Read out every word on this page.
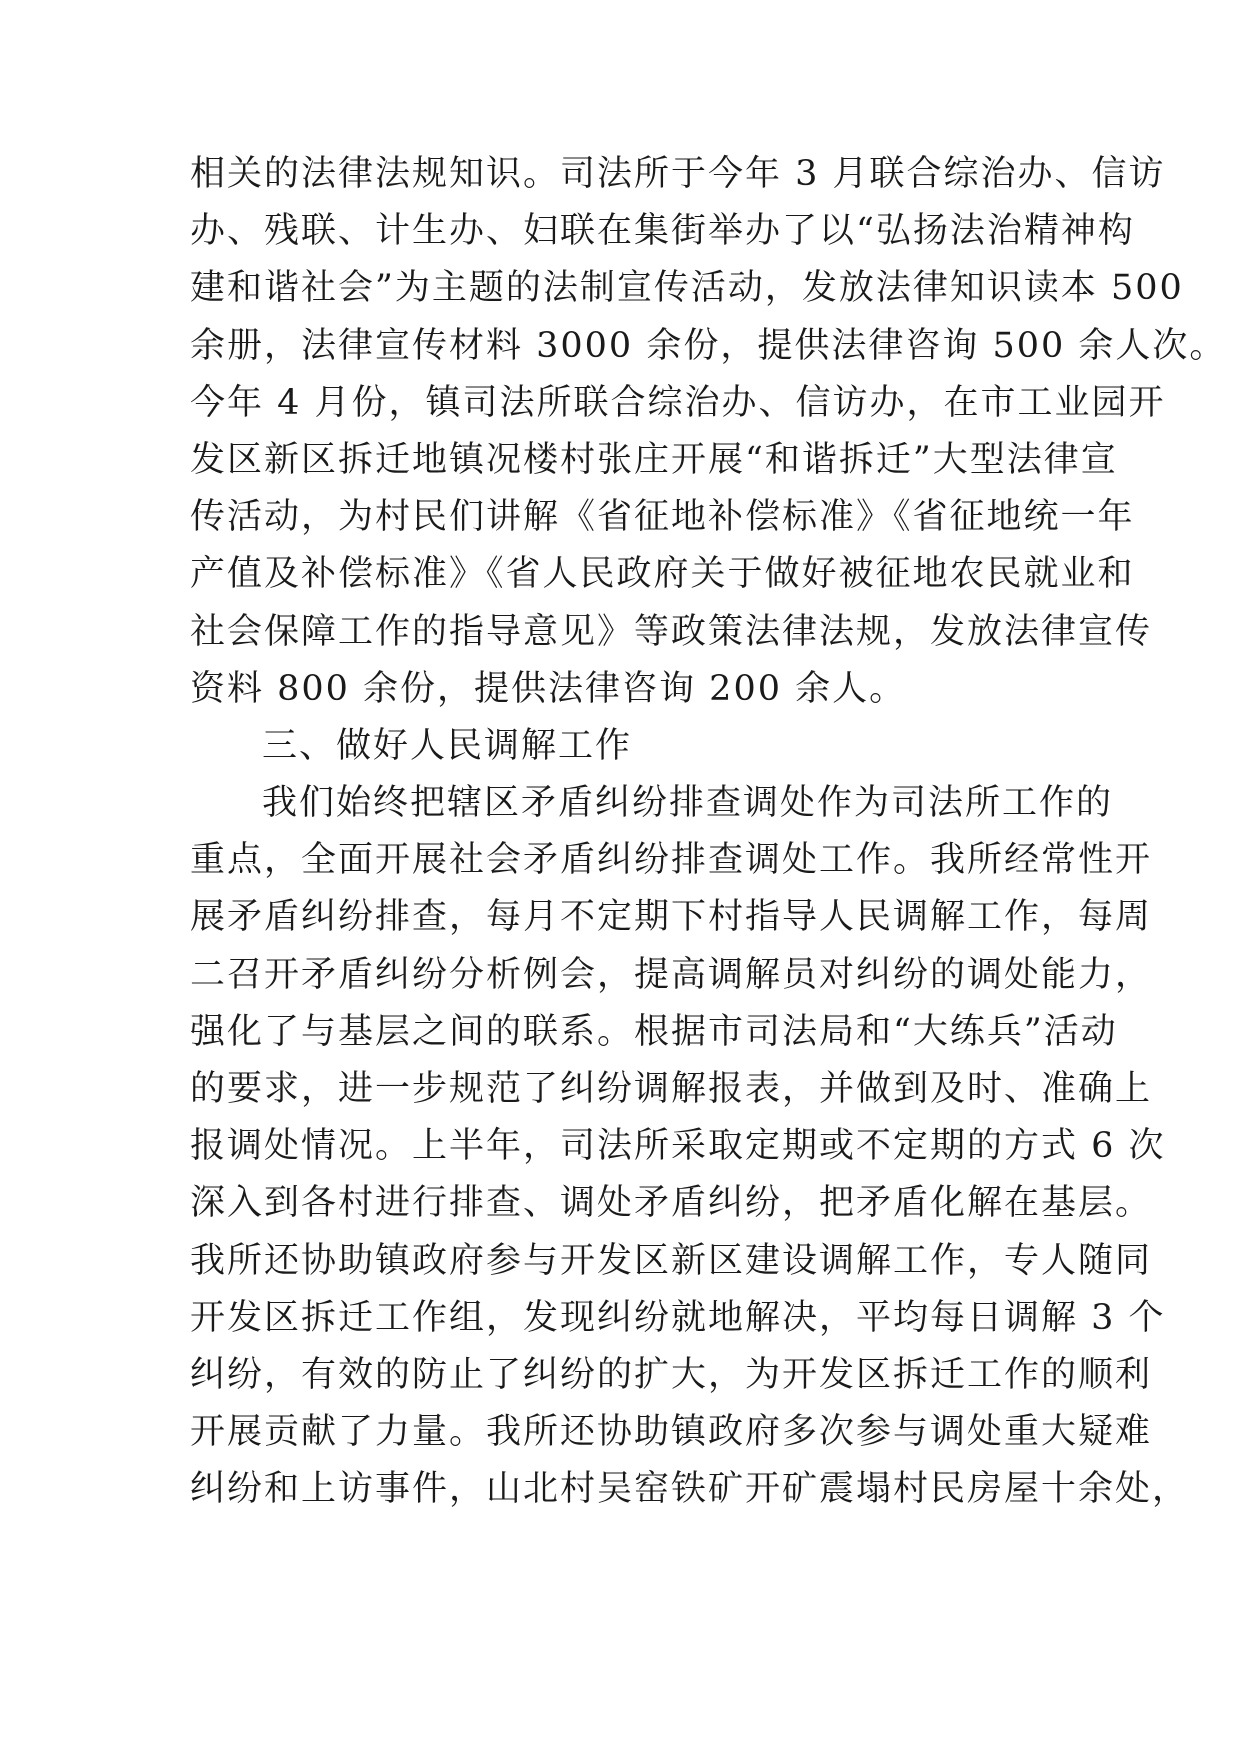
相关的法律法规知识。司法所于今年 3 月联合综治办、信访
办、残联、计生办、妇联在集街举办了以“弘扬法治精神构
建和谐社会”为主题的法制宣传活动，发放法律知识读本 500
余册，法律宣传材料 3000 余份，提供法律咨询 500 余人次。
今年 4 月份，镇司法所联合综治办、信访办，在市工业园开
发区新区拆迁地镇况楼村张庄开展“和谐拆迁”大型法律宣
传活动，为村民们讲解《省征地补偿标准》《省征地统一年
产值及补偿标准》《省人民政府关于做好被征地农民就业和
社会保障工作的指导意见》等政策法律法规，发放法律宣传
资料 800 余份，提供法律咨询 200 余人。
三、做好人民调解工作
我们始终把辖区矛盾纠纷排查调处作为司法所工作的
重点，全面开展社会矛盾纠纷排查调处工作。我所经常性开
展矛盾纠纷排查，每月不定期下村指导人民调解工作，每周
二召开矛盾纠纷分析例会，提高调解员对纠纷的调处能力，
强化了与基层之间的联系。根据市司法局和“大练兵”活动
的要求，进一步规范了纠纷调解报表，并做到及时、准确上
报调处情况。上半年，司法所采取定期或不定期的方式 6 次
深入到各村进行排查、调处矛盾纠纷，把矛盾化解在基层。
我所还协助镇政府参与开发区新区建设调解工作，专人随同
开发区拆迁工作组，发现纠纷就地解决，平均每日调解 3 个
纠纷，有效的防止了纠纷的扩大，为开发区拆迁工作的顺利
开展贡献了力量。我所还协助镇政府多次参与调处重大疑难
纠纷和上访事件，山北村吴窑铁矿开矿震塌村民房屋十余处，
